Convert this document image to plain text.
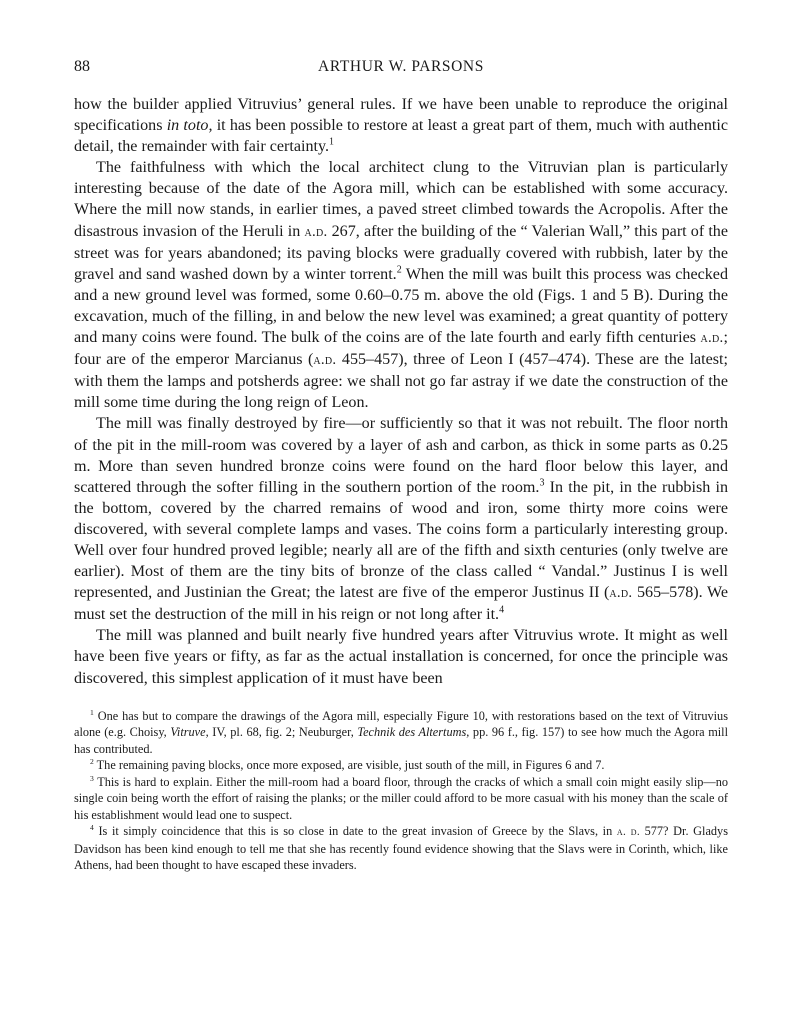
88	ARTHUR W. PARSONS

how the builder applied Vitruvius’ general rules. If we have been unable to reproduce the original specifications in toto, it has been possible to restore at least a great part of them, much with authentic detail, the remainder with fair certainty.$^1$

The faithfulness with which the local architect clung to the Vitruvian plan is particularly interesting because of the date of the Agora mill, which can be established with some accuracy. Where the mill now stands, in earlier times, a paved street climbed towards the Acropolis. After the disastrous invasion of the Heruli in a.d. 267, after the building of the “ Valerian Wall,” this part of the street was for years abandoned; its paving blocks were gradually covered with rubbish, later by the gravel and sand washed down by a winter torrent.$^2$ When the mill was built this process was checked and a new ground level was formed, some 0.60–0.75 m. above the old (Figs. 1 and 5 B). During the excavation, much of the filling, in and below the new level was examined; a great quantity of pottery and many coins were found. The bulk of the coins are of the late fourth and early fifth centuries a.d.; four are of the emperor Marcianus (a.d. 455–457), three of Leon I (457–474). These are the latest; with them the lamps and potsherds agree: we shall not go far astray if we date the construction of the mill some time during the long reign of Leon.

The mill was finally destroyed by fire—or sufficiently so that it was not rebuilt. The floor north of the pit in the mill-room was covered by a layer of ash and carbon, as thick in some parts as 0.25 m. More than seven hundred bronze coins were found on the hard floor below this layer, and scattered through the softer filling in the southern portion of the room.$^3$ In the pit, in the rubbish in the bottom, covered by the charred remains of wood and iron, some thirty more coins were discovered, with several complete lamps and vases. The coins form a particularly interesting group. Well over four hundred proved legible; nearly all are of the fifth and sixth centuries (only twelve are earlier). Most of them are the tiny bits of bronze of the class called “ Vandal.” Justinus I is well represented, and Justinian the Great; the latest are five of the emperor Justinus II (a.d. 565–578). We must set the destruction of the mill in his reign or not long after it.$^4$

The mill was planned and built nearly five hundred years after Vitruvius wrote. It might as well have been five years or fifty, as far as the actual installation is concerned, for once the principle was discovered, this simplest application of it must have been

$^1$ One has but to compare the drawings of the Agora mill, especially Figure 10, with restorations based on the text of Vitruvius alone (e.g. Choisy, Vitruve, IV, pl. 68, fig. 2; Neuburger, Technik des Altertums, pp. 96 f., fig. 157) to see how much the Agora mill has contributed.

$^2$ The remaining paving blocks, once more exposed, are visible, just south of the mill, in Figures 6 and 7.

$^3$ This is hard to explain. Either the mill-room had a board floor, through the cracks of which a small coin might easily slip—no single coin being worth the effort of raising the planks; or the miller could afford to be more casual with his money than the scale of his establishment would lead one to suspect.

$^4$ Is it simply coincidence that this is so close in date to the great invasion of Greece by the Slavs, in a. d. 577? Dr. Gladys Davidson has been kind enough to tell me that she has recently found evidence showing that the Slavs were in Corinth, which, like Athens, had been thought to have escaped these invaders.
